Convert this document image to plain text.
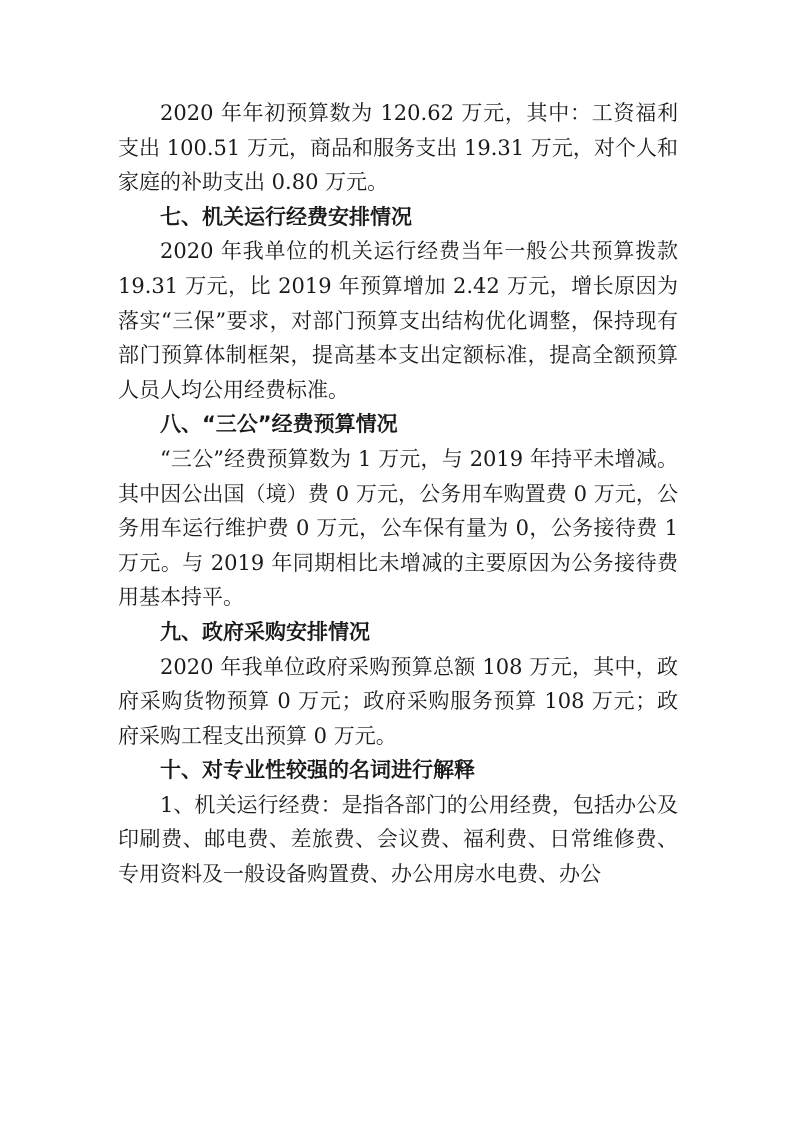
2020 年年初预算数为 120.62 万元，其中：工资福利支出 100.51 万元，商品和服务支出 19.31 万元，对个人和家庭的补助支出 0.80 万元。

七、机关运行经费安排情况

2020 年我单位的机关运行经费当年一般公共预算拨款 19.31 万元，比 2019 年预算增加 2.42 万元，增长原因为落实“三保”要求，对部门预算支出结构优化调整，保持现有部门预算体制框架，提高基本支出定额标准，提高全额预算人员人均公用经费标准。

八、“三公”经费预算情况

“三公”经费预算数为 1 万元，与 2019 年持平未增减。其中因公出国（境）费 0 万元，公务用车购置费 0 万元，公务用车运行维护费 0 万元，公车保有量为 0，公务接待费 1 万元。与 2019 年同期相比未增减的主要原因为公务接待费用基本持平。

九、政府采购安排情况

2020 年我单位政府采购预算总额 108 万元，其中，政府采购货物预算 0 万元；政府采购服务预算 108 万元；政府采购工程支出预算 0 万元。

十、对专业性较强的名词进行解释

1、机关运行经费：是指各部门的公用经费，包括办公及印刷费、邮电费、差旅费、会议费、福利费、日常维修费、专用资料及一般设备购置费、办公用房水电费、办公
